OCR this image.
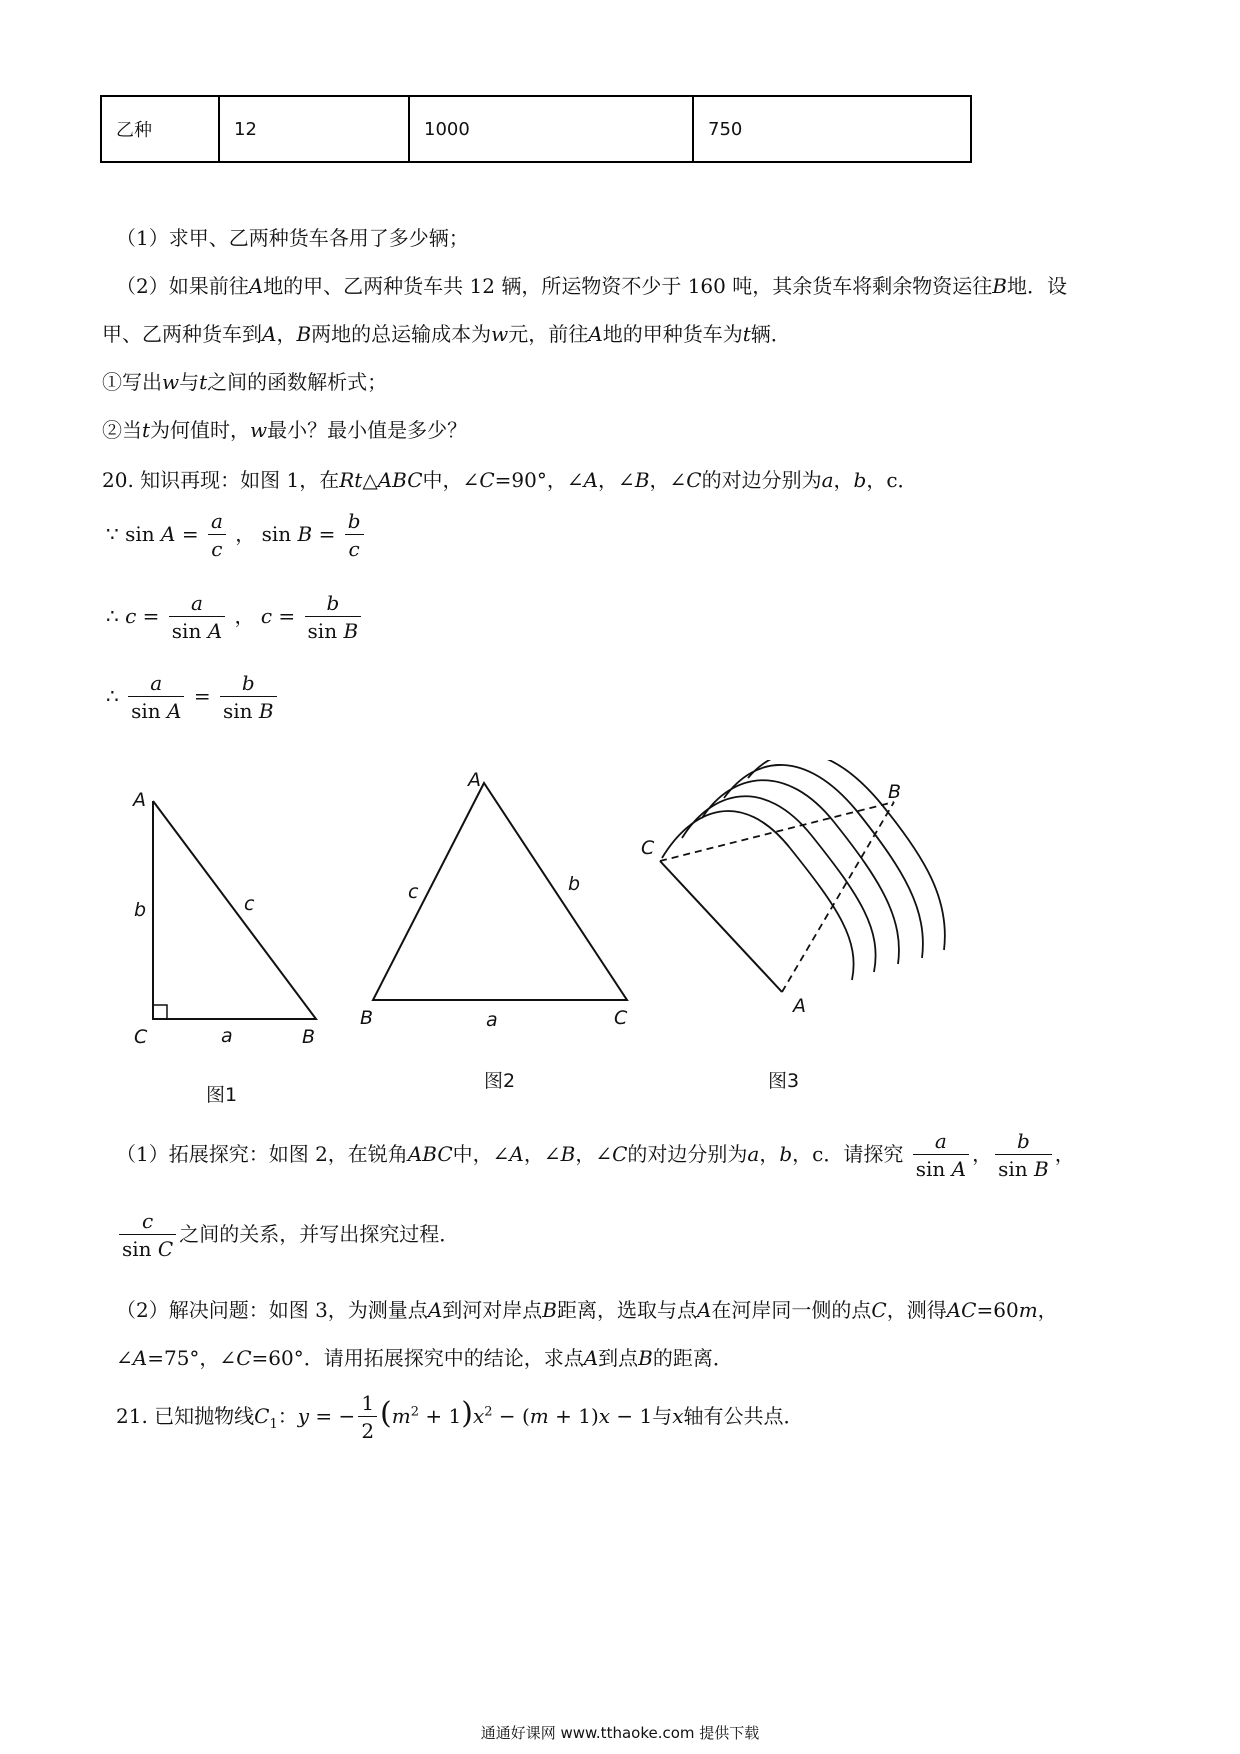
乙种	12	1000	750
（1）求甲、乙两种货车各用了多少辆；
（2）如果前往A地的甲、乙两种货车共 12 辆，所运物资不少于 160 吨，其余货车将剩余物资运往B地．设
甲、乙两种货车到A，B两地的总运输成本为w元，前往A地的甲种货车为t辆．
①写出w与t之间的函数解析式；
②当t为何值时，w最小？最小值是多少？
20. 知识再现：如图 1，在Rt△ABC中，∠C=90°，∠A，∠B，∠C的对边分别为a，b，c．
∵ $\sin A = \frac{a}{c}$ ， $\sin B = \frac{b}{c}$
∴ $c = \frac{a}{\text{sin A}}$ ， $c = \frac{b}{\text{sin B}}$
∴ $\frac{a}{\text{sin A}} = \frac{b}{\text{sin B}}$
A
b	c
C	a	B
A
c	b
B	a	C
C
B
A
图1
图2	图3
（1）拓展探究：如图 2，在锐角ABC中，∠A，∠B，∠C的对边分别为a，b，c．请探究 $\frac{a}{\text{sin A}}$ ， $\frac{b}{\text{sin B}}$ ，
$\frac{c}{\text{sin C}}$ 之间的关系，并写出探究过程．
（2）解决问题：如图 3，为测量点A到河对岸点B距离，选取与点A在河岸同一侧的点C，测得AC=60m，
∠A=75°，∠C=60°．请用拓展探究中的结论，求点A到点B的距离．
21. 已知抛物线$C_1$：y = − $\frac{1}{2} (m^2 + 1)x^2 - (m + 1)x - 1$与x轴有公共点．
通通好课网 www.tthaoke.com 提供下载
